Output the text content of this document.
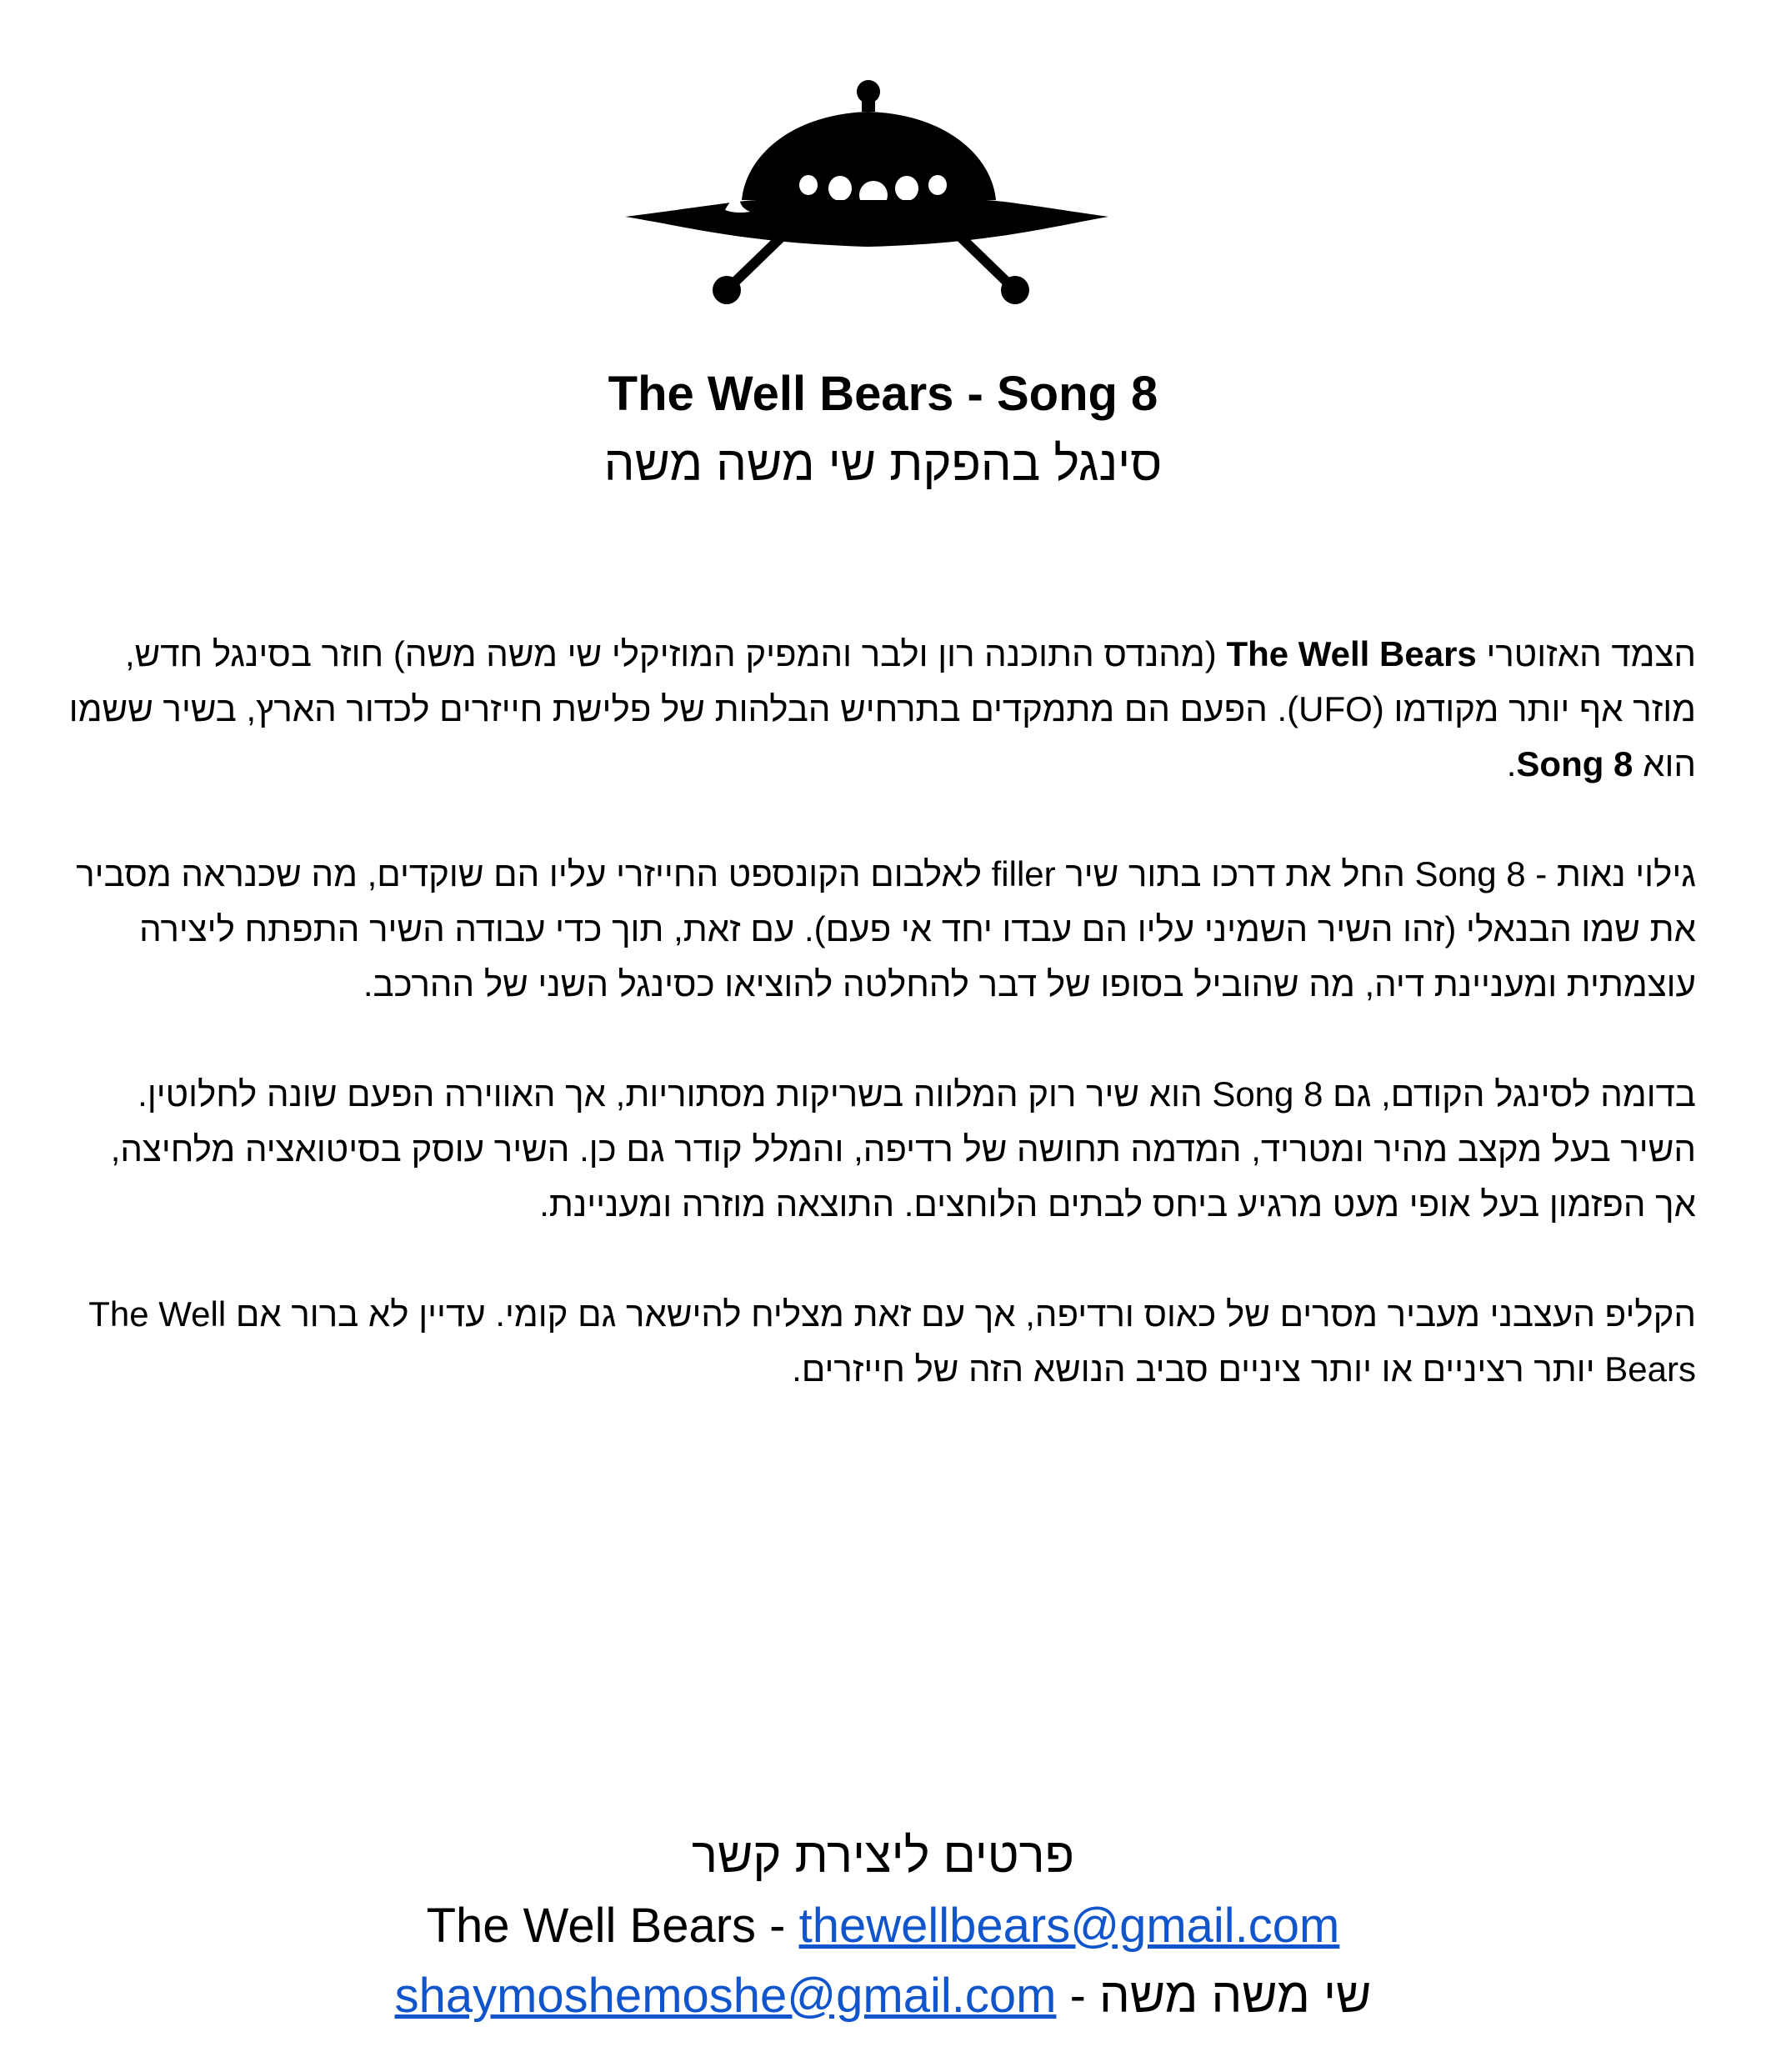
The Well Bears - Song 8
סינגל בהפקת שי משה משה

הצמד האזוטרי The Well Bears (מהנדס התוכנה רון ולבר והמפיק המוזיקלי שי משה משה) חוזר בסינגל חדש, מוזר אף יותר מקודמו (UFO). הפעם הם מתמקדים בתרחיש הבלהות של פלישת חייזרים לכדור הארץ, בשיר ששמו הוא Song 8.

גילוי נאות - Song 8 החל את דרכו בתור שיר filler לאלבום הקונספט החייזרי עליו הם שוקדים, מה שכנראה מסביר את שמו הבנאלי (זהו השיר השמיני עליו הם עבדו יחד אי פעם). עם זאת, תוך כדי עבודה השיר התפתח ליצירה עוצמתית ומעניינת דיה, מה שהוביל בסופו של דבר להחלטה להוציאו כסינגל השני של ההרכב.

בדומה לסינגל הקודם, גם Song 8 הוא שיר רוק המלווה בשריקות מסתוריות, אך האווירה הפעם שונה לחלוטין. השיר בעל מקצב מהיר ומטריד, המדמה תחושה של רדיפה, והמלל קודר גם כן. השיר עוסק בסיטואציה מלחיצה, אך הפזמון בעל אופי מעט מרגיע ביחס לבתים הלוחצים. התוצאה מוזרה ומעניינת.

הקליפ העצבני מעביר מסרים של כאוס ורדיפה, אך עם זאת מצליח להישאר גם קומי. עדיין לא ברור אם The Well Bears יותר רציניים או יותר ציניים סביב הנושא הזה של חייזרים.

פרטים ליצירת קשר
The Well Bears - thewellbears@gmail.com
שי משה משה - shaymoshemoshe@gmail.com
